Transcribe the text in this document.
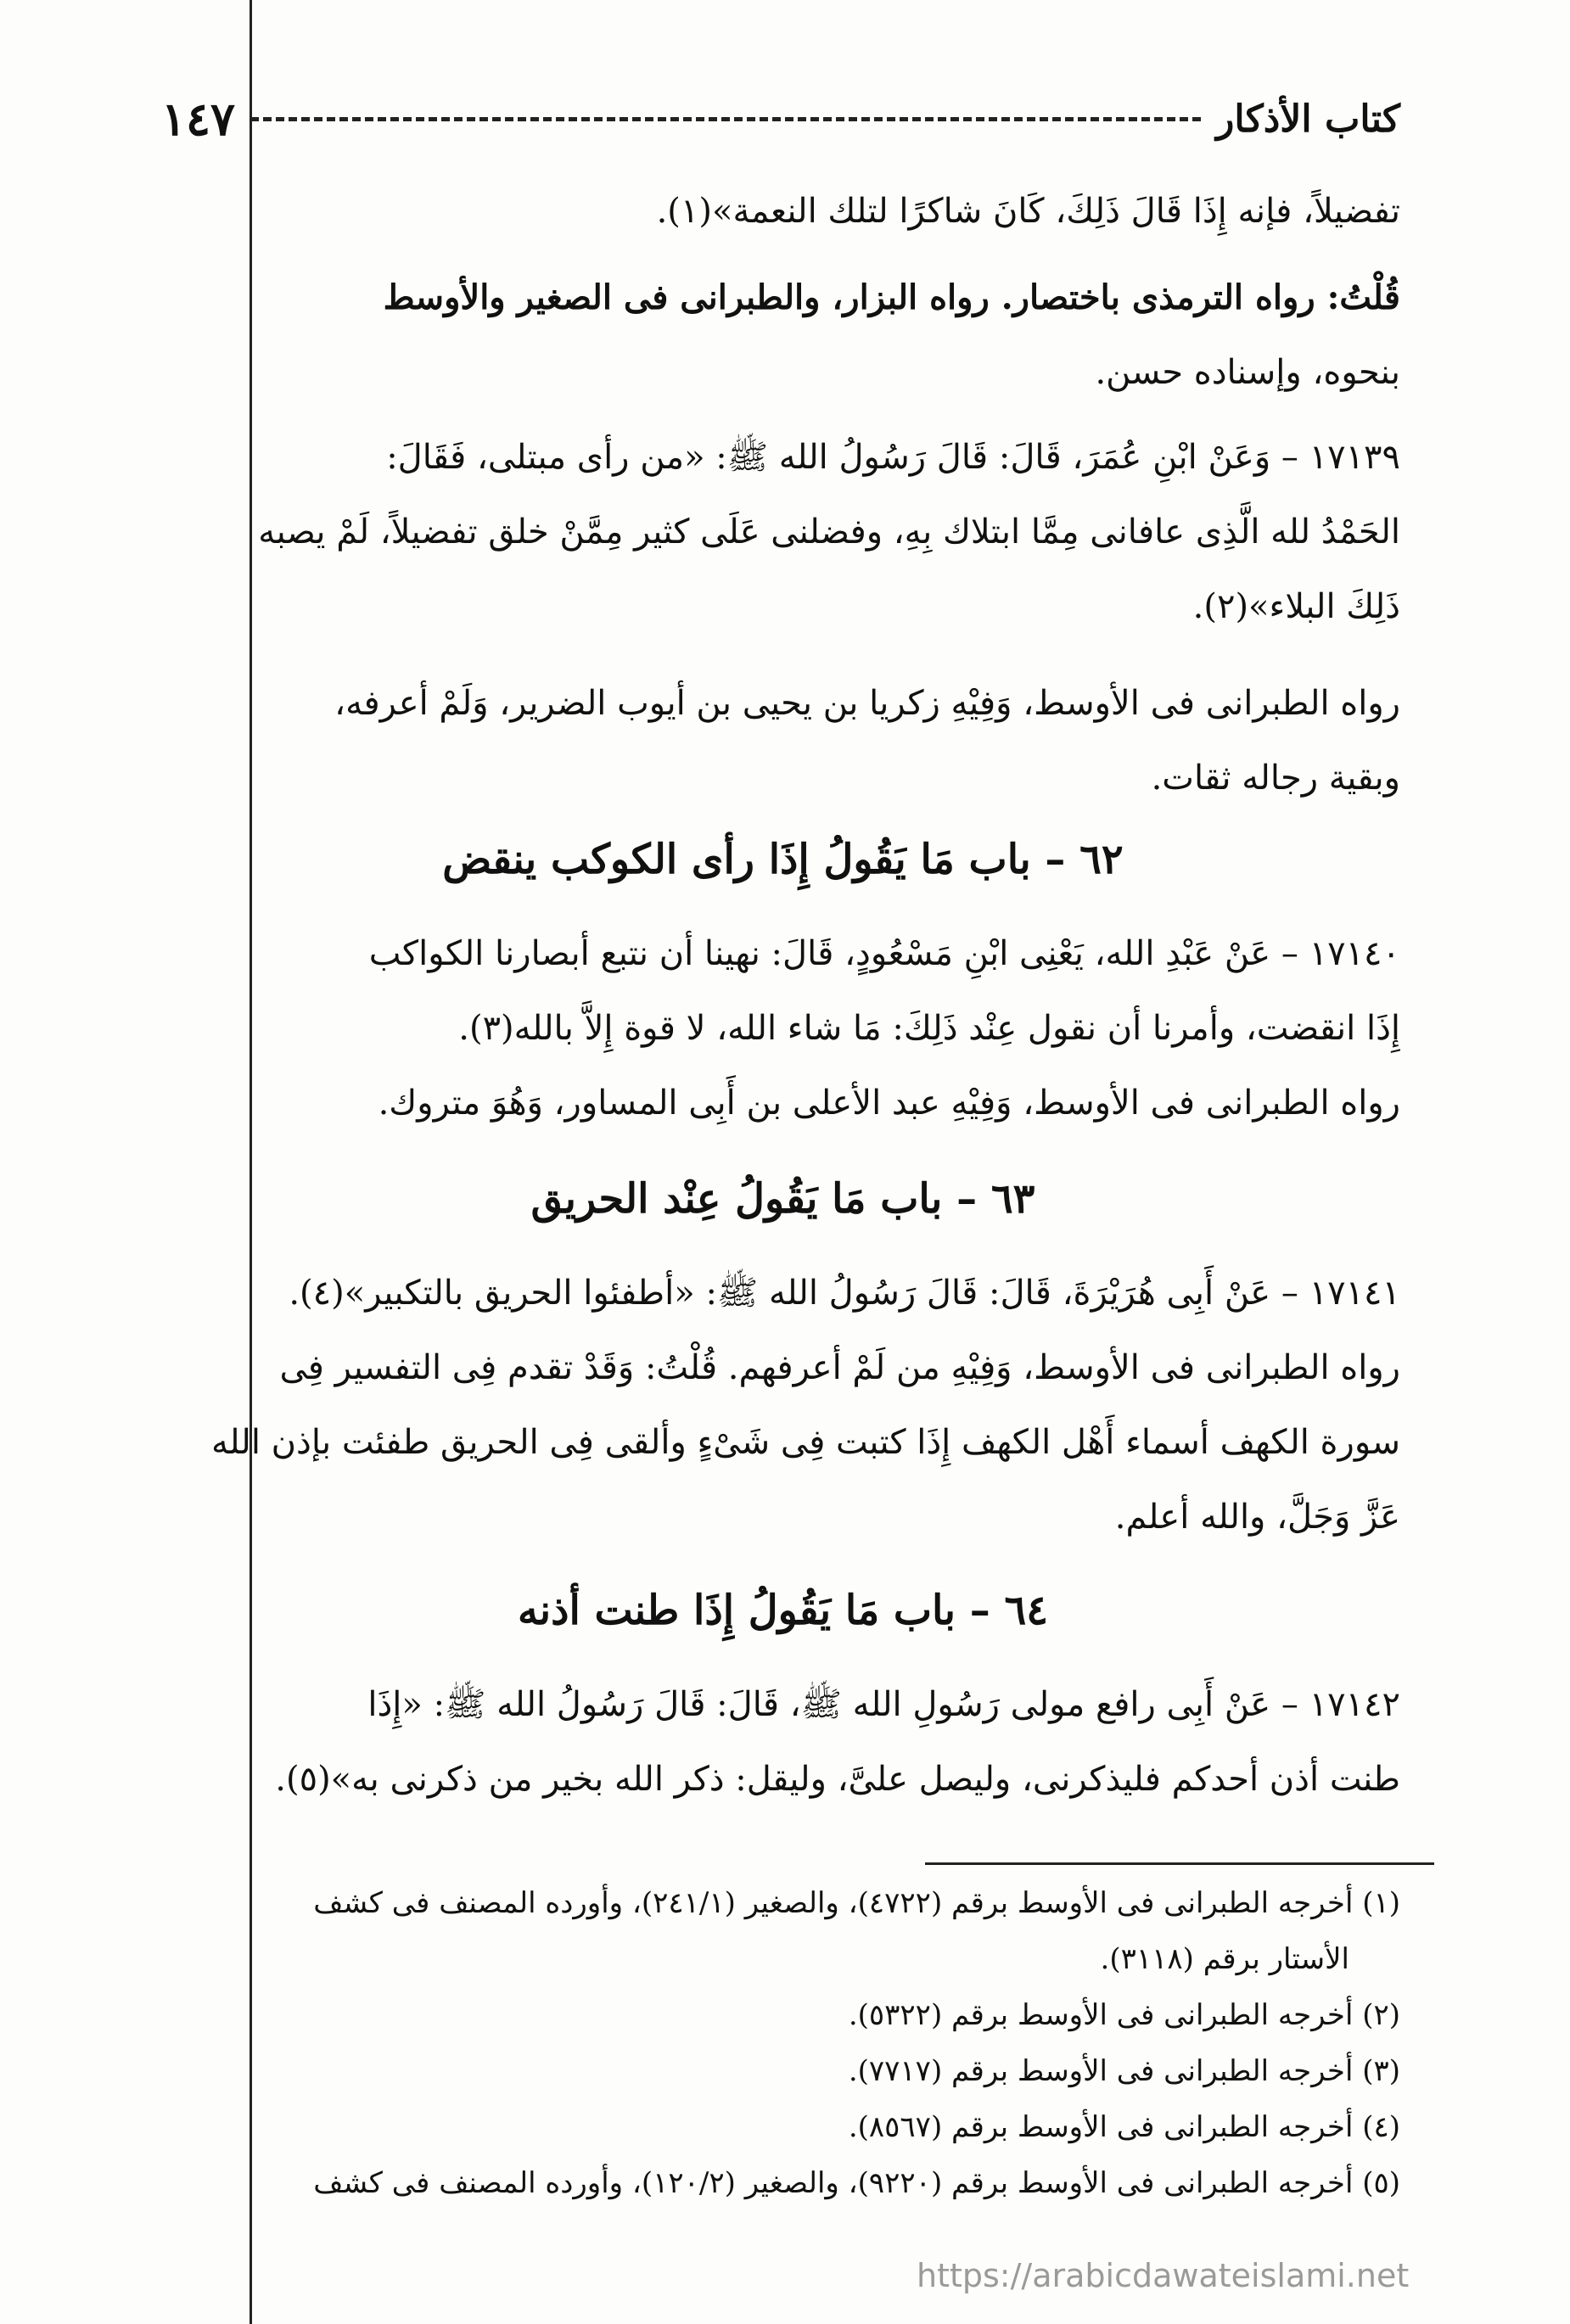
كتاب الأذكار
١٤٧
تفضيلاً، فإنه إِذَا قَالَ ذَلِكَ، كَانَ شاكرًا لتلك النعمة»(١).
قُلْتُ: رواه الترمذى باختصار. رواه البزار، والطبرانى فى الصغير والأوسط
بنحوه، وإسناده حسن.
١٧١٣٩ – وَعَنْ ابْنِ عُمَرَ، قَالَ: قَالَ رَسُولُ الله ﷺ: «من رأى مبتلى، فَقَالَ:
الحَمْدُ لله الَّذِى عافانى مِمَّا ابتلاك بِهِ، وفضلنى عَلَى كثير مِمَّنْ خلق تفضيلاً، لَمْ يصبه
ذَلِكَ البلاء»(٢).
رواه الطبرانى فى الأوسط، وَفِيْهِ زكريا بن يحيى بن أيوب الضرير، وَلَمْ أعرفه،
وبقية رجاله ثقات.
٦٢ – باب مَا يَقُولُ إِذَا رأى الكوكب ينقض
١٧١٤٠ – عَنْ عَبْدِ الله، يَعْنِى ابْنِ مَسْعُودٍ، قَالَ: نهينا أن نتبع أبصارنا الكواكب
إِذَا انقضت، وأمرنا أن نقول عِنْد ذَلِكَ: مَا شاء الله، لا قوة إِلاَّ بالله(٣).
رواه الطبرانى فى الأوسط، وَفِيْهِ عبد الأعلى بن أَبِى المساور، وَهُوَ متروك.
٦٣ – باب مَا يَقُولُ عِنْد الحريق
١٧١٤١ – عَنْ أَبِى هُرَيْرَةَ، قَالَ: قَالَ رَسُولُ الله ﷺ: «أطفئوا الحريق بالتكبير»(٤).
رواه الطبرانى فى الأوسط، وَفِيْهِ من لَمْ أعرفهم. قُلْتُ: وَقَدْ تقدم فِى التفسير فِى
سورة الكهف أسماء أَهْل الكهف إِذَا كتبت فِى شَىْءٍ وألقى فِى الحريق طفئت بإذن الله
عَزَّ وَجَلَّ، والله أعلم.
٦٤ – باب مَا يَقُولُ إِذَا طنت أذنه
١٧١٤٢ – عَنْ أَبِى رافع مولى رَسُولِ الله ﷺ، قَالَ: قَالَ رَسُولُ الله ﷺ: «إِذَا
طنت أذن أحدكم فليذكرنى، وليصل علىَّ، وليقل: ذكر الله بخير من ذكرنى به»(٥).
(١) أخرجه الطبرانى فى الأوسط برقم (٤٧٢٢)، والصغير (٢٤١/١)، وأورده المصنف فى كشف
الأستار برقم (٣١١٨).
(٢) أخرجه الطبرانى فى الأوسط برقم (٥٣٢٢).
(٣) أخرجه الطبرانى فى الأوسط برقم (٧٧١٧).
(٤) أخرجه الطبرانى فى الأوسط برقم (٨٥٦٧).
(٥) أخرجه الطبرانى فى الأوسط برقم (٩٢٢٠)، والصغير (١٢٠/٢)، وأورده المصنف فى كشف
https://arabicdawateislami.net
